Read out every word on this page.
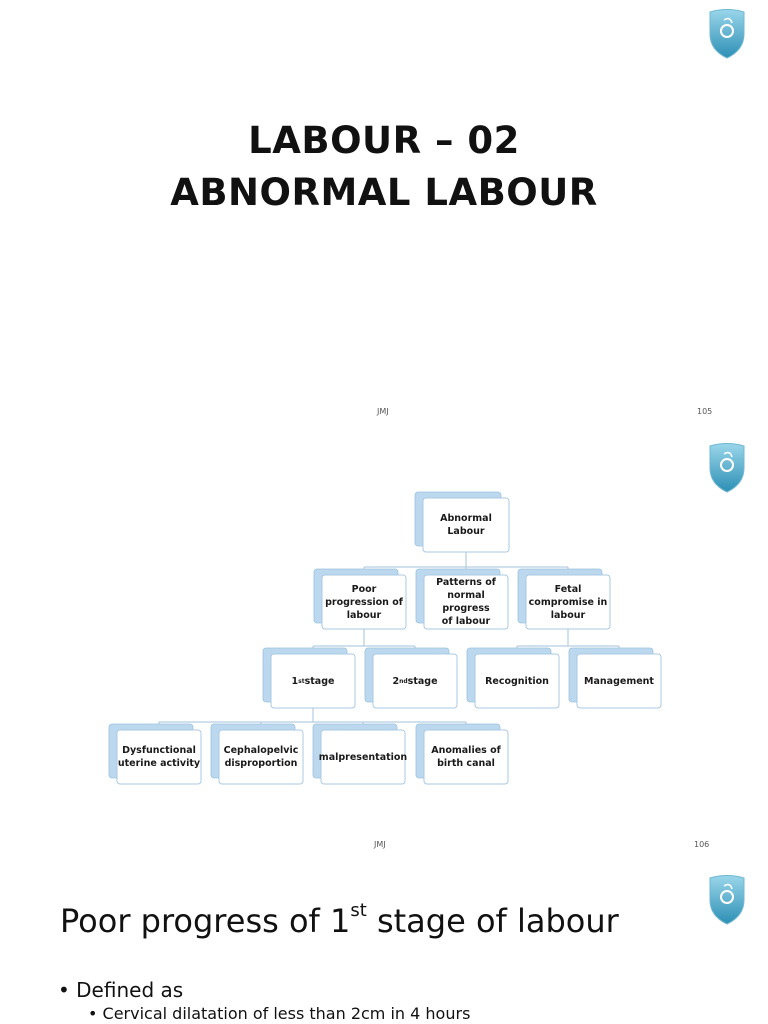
LABOUR – 02
ABNORMAL LABOUR
JMJ	105
Abnormal Labour
Poor
progression of
labour
Patterns of
normal progress
of labour
Fetal
compromise in
labour
1 st stage	2 nd stage	Recognition	Management
Dysfunctional
uterine activity
Cephalopelvic
disproportion
malpresentation
Anomalies of
birth canal
JMJ	106
Poor progress of 1st stage of labour
• Defined as
• Cervical dilatation of less than 2cm in 4 hours
